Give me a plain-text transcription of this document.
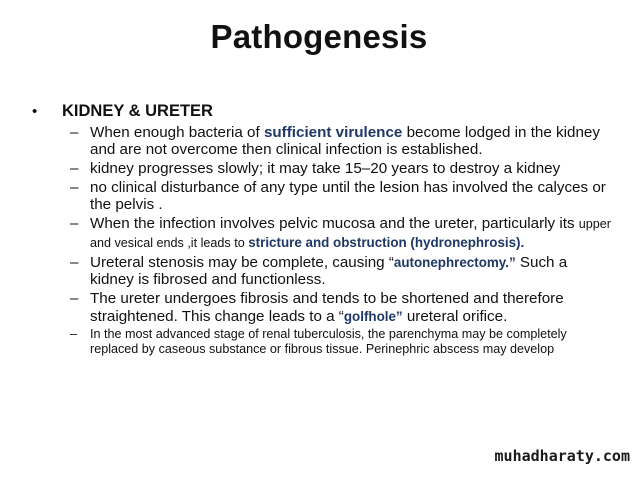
Pathogenesis
•	KIDNEY & URETER
– When enough bacteria of sufficient virulence become lodged in the kidney and are not overcome then clinical infection is established.
– kidney progresses slowly; it may take 15–20 years to destroy a kidney
– no clinical disturbance of any type until the lesion has involved the calyces or the pelvis .
– When the infection involves pelvic mucosa and the ureter, particularly its upper and vesical ends ,it leads to stricture and obstruction (hydronephrosis).
– Ureteral stenosis may be complete, causing “autonephrectomy.” Such a kidney is fibrosed and functionless.
– The ureter undergoes fibrosis and tends to be shortened and therefore straightened. This change leads to a “golfhole” ureteral orifice.
–	In the most advanced stage of renal tuberculosis, the parenchyma may be completely replaced by caseous substance or fibrous tissue. Perinephric abscess may develop
muhadharaty.com
